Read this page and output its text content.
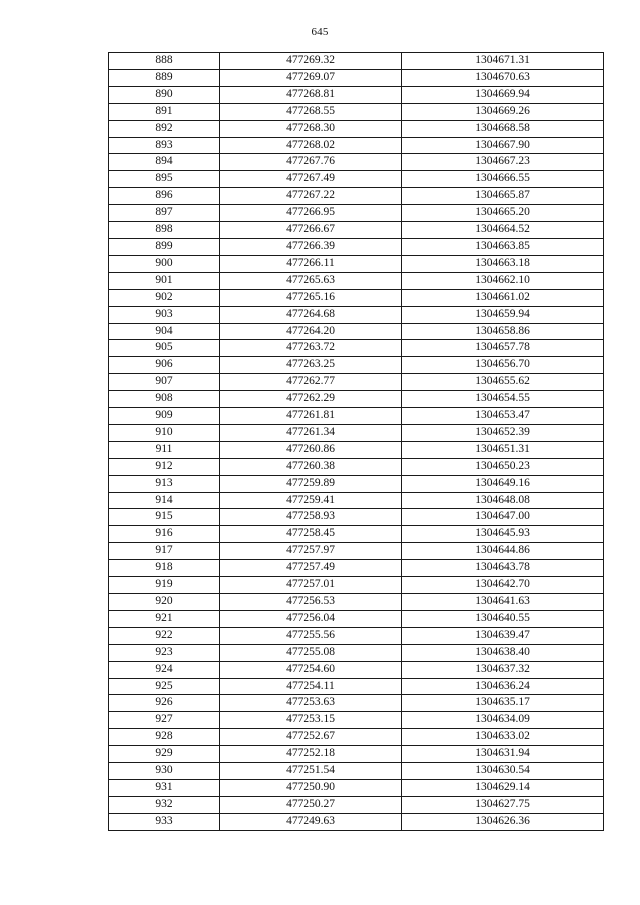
645
888	477269.32	1304671.31
889	477269.07	1304670.63
890	477268.81	1304669.94
891	477268.55	1304669.26
892	477268.30	1304668.58
893	477268.02	1304667.90
894	477267.76	1304667.23
895	477267.49	1304666.55
896	477267.22	1304665.87
897	477266.95	1304665.20
898	477266.67	1304664.52
899	477266.39	1304663.85
900	477266.11	1304663.18
901	477265.63	1304662.10
902	477265.16	1304661.02
903	477264.68	1304659.94
904	477264.20	1304658.86
905	477263.72	1304657.78
906	477263.25	1304656.70
907	477262.77	1304655.62
908	477262.29	1304654.55
909	477261.81	1304653.47
910	477261.34	1304652.39
911	477260.86	1304651.31
912	477260.38	1304650.23
913	477259.89	1304649.16
914	477259.41	1304648.08
915	477258.93	1304647.00
916	477258.45	1304645.93
917	477257.97	1304644.86
918	477257.49	1304643.78
919	477257.01	1304642.70
920	477256.53	1304641.63
921	477256.04	1304640.55
922	477255.56	1304639.47
923	477255.08	1304638.40
924	477254.60	1304637.32
925	477254.11	1304636.24
926	477253.63	1304635.17
927	477253.15	1304634.09
928	477252.67	1304633.02
929	477252.18	1304631.94
930	477251.54	1304630.54
931	477250.90	1304629.14
932	477250.27	1304627.75
933	477249.63	1304626.36
